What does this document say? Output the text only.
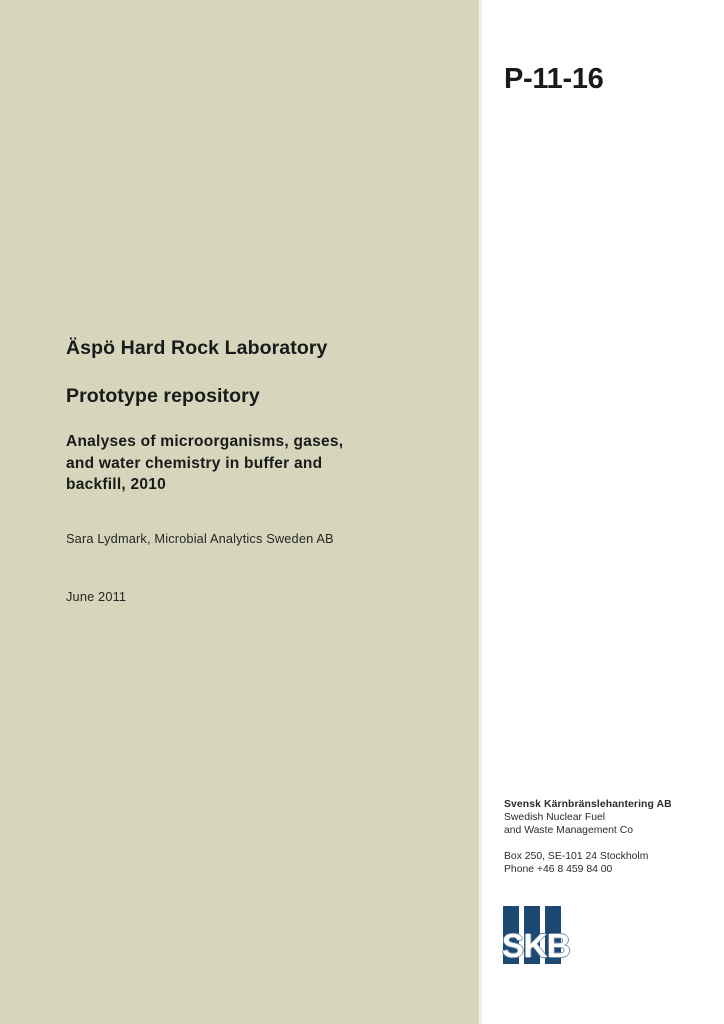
P-11-16
Äspö Hard Rock Laboratory
Prototype repository
Analyses of microorganisms, gases,
and water chemistry in buffer and
backfill, 2010
Sara Lydmark, Microbial Analytics Sweden AB
June 2011
Svensk Kärnbränslehantering AB
Swedish Nuclear Fuel
and Waste Management Co
Box 250, SE-101 24 Stockholm
Phone +46 8 459 84 00
SKB
